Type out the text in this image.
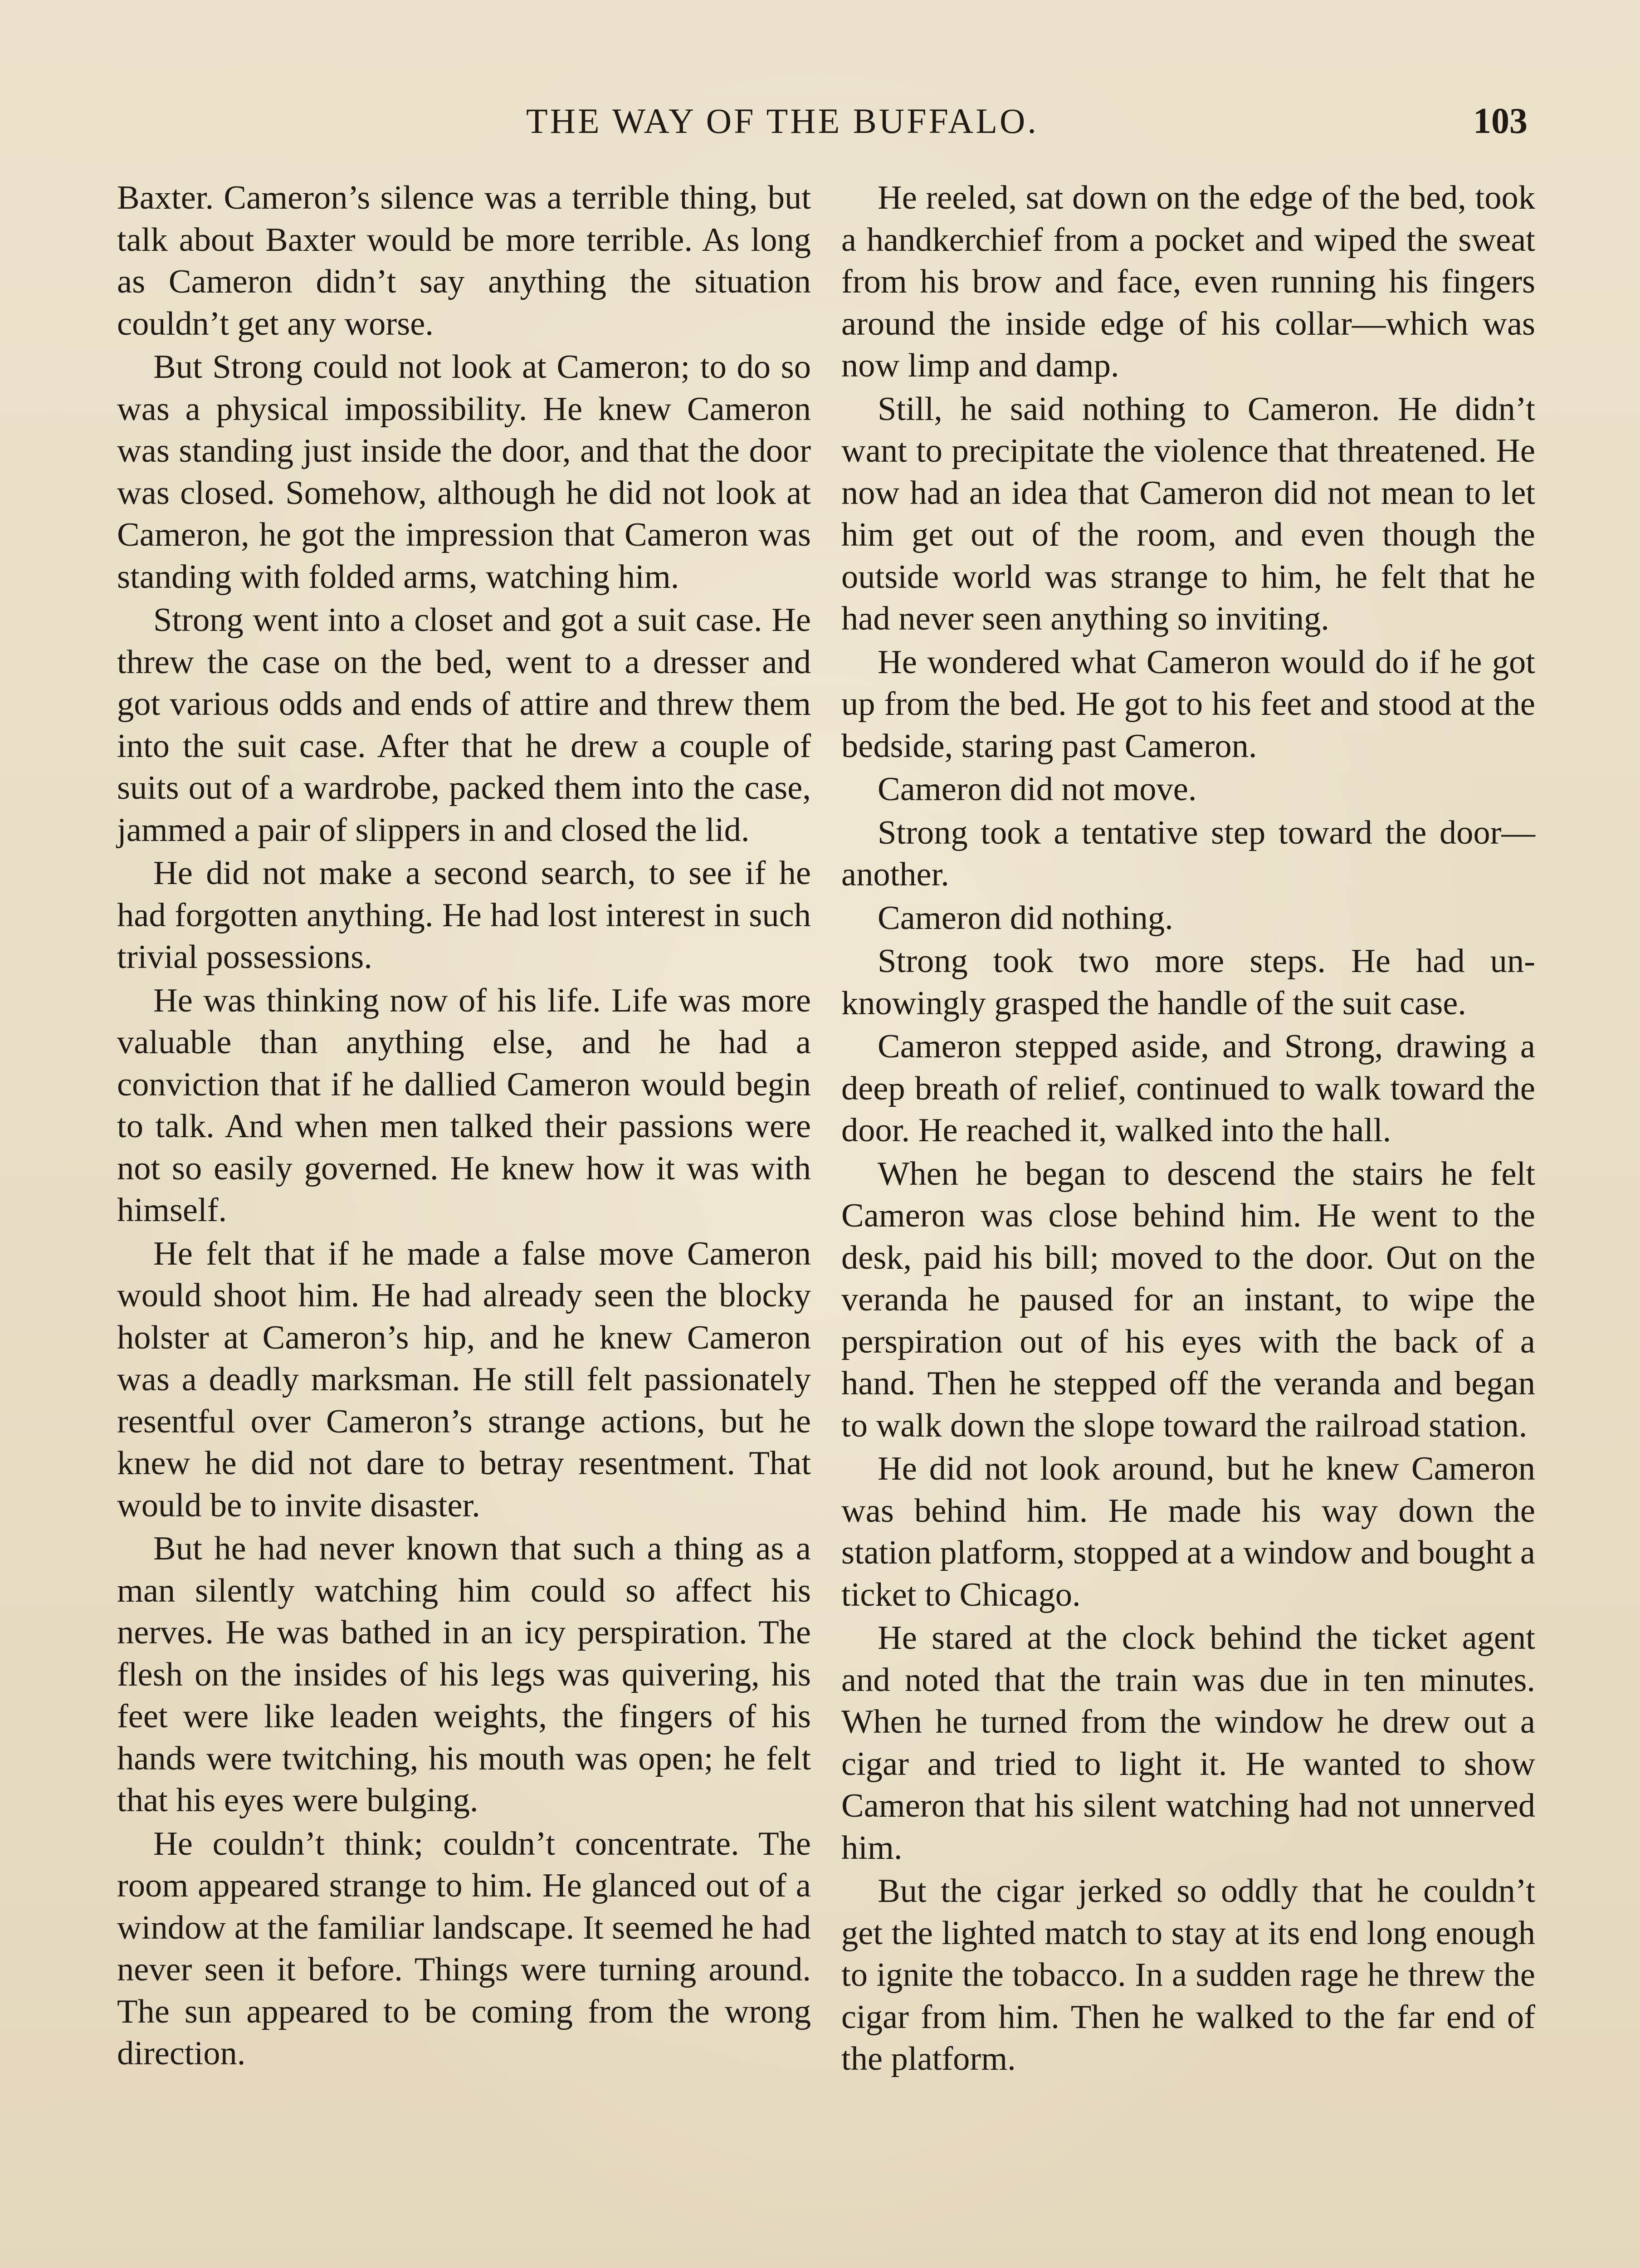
THE WAY OF THE BUFFALO.	103

Baxter. Cameron’s silence was a terrible thing, but talk about Baxter would be more terrible. As long as Cameron didn’t say anything the situation couldn’t get any worse.

But Strong could not look at Cameron; to do so was a physical impossibility. He knew Cameron was standing just inside the door, and that the door was closed. Somehow, although he did not look at Cameron, he got the impression that Cameron was standing with folded arms, watching him.

Strong went into a closet and got a suit case. He threw the case on the bed, went to a dresser and got various odds and ends of attire and threw them into the suit case. After that he drew a couple of suits out of a wardrobe, packed them into the case, jammed a pair of slippers in and closed the lid.

He did not make a second search, to see if he had forgotten anything. He had lost interest in such trivial possessions.

He was thinking now of his life. Life was more valuable than anything else, and he had a conviction that if he dallied Cameron would begin to talk. And when men talked their passions were not so easily governed. He knew how it was with himself.

He felt that if he made a false move Cameron would shoot him. He had already seen the blocky holster at Cameron’s hip, and he knew Cameron was a deadly marksman. He still felt passionately resentful over Cameron’s strange actions, but he knew he did not dare to betray resentment. That would be to invite disaster.

But he had never known that such a thing as a man silently watching him could so affect his nerves. He was bathed in an icy perspiration. The flesh on the insides of his legs was quivering, his feet were like leaden weights, the fingers of his hands were twitching, his mouth was open; he felt that his eyes were bulging.

He couldn’t think; couldn’t concentrate. The room appeared strange to him. He glanced out of a window at the familiar landscape. It seemed he had never seen it before. Things were turning around. The sun appeared to be coming from the wrong direction.

He reeled, sat down on the edge of the bed, took a handkerchief from a pocket and wiped the sweat from his brow and face, even running his fingers around the inside edge of his collar—which was now limp and damp.

Still, he said nothing to Cameron. He didn’t want to precipitate the violence that threatened. He now had an idea that Cameron did not mean to let him get out of the room, and even though the outside world was strange to him, he felt that he had never seen anything so inviting.

He wondered what Cameron would do if he got up from the bed. He got to his feet and stood at the bedside, staring past Cameron.

Cameron did not move.

Strong took a tentative step toward the door—another.

Cameron did nothing.

Strong took two more steps. He had unknowingly grasped the handle of the suit case.

Cameron stepped aside, and Strong, drawing a deep breath of relief, continued to walk toward the door. He reached it, walked into the hall.

When he began to descend the stairs he felt Cameron was close behind him. He went to the desk, paid his bill; moved to the door. Out on the veranda he paused for an instant, to wipe the perspiration out of his eyes with the back of a hand. Then he stepped off the veranda and began to walk down the slope toward the railroad station.

He did not look around, but he knew Cameron was behind him. He made his way down the station platform, stopped at a window and bought a ticket to Chicago.

He stared at the clock behind the ticket agent and noted that the train was due in ten minutes. When he turned from the window he drew out a cigar and tried to light it. He wanted to show Cameron that his silent watching had not unnerved him.

But the cigar jerked so oddly that he couldn’t get the lighted match to stay at its end long enough to ignite the tobacco. In a sudden rage he threw the cigar from him. Then he walked to the far end of the platform.
